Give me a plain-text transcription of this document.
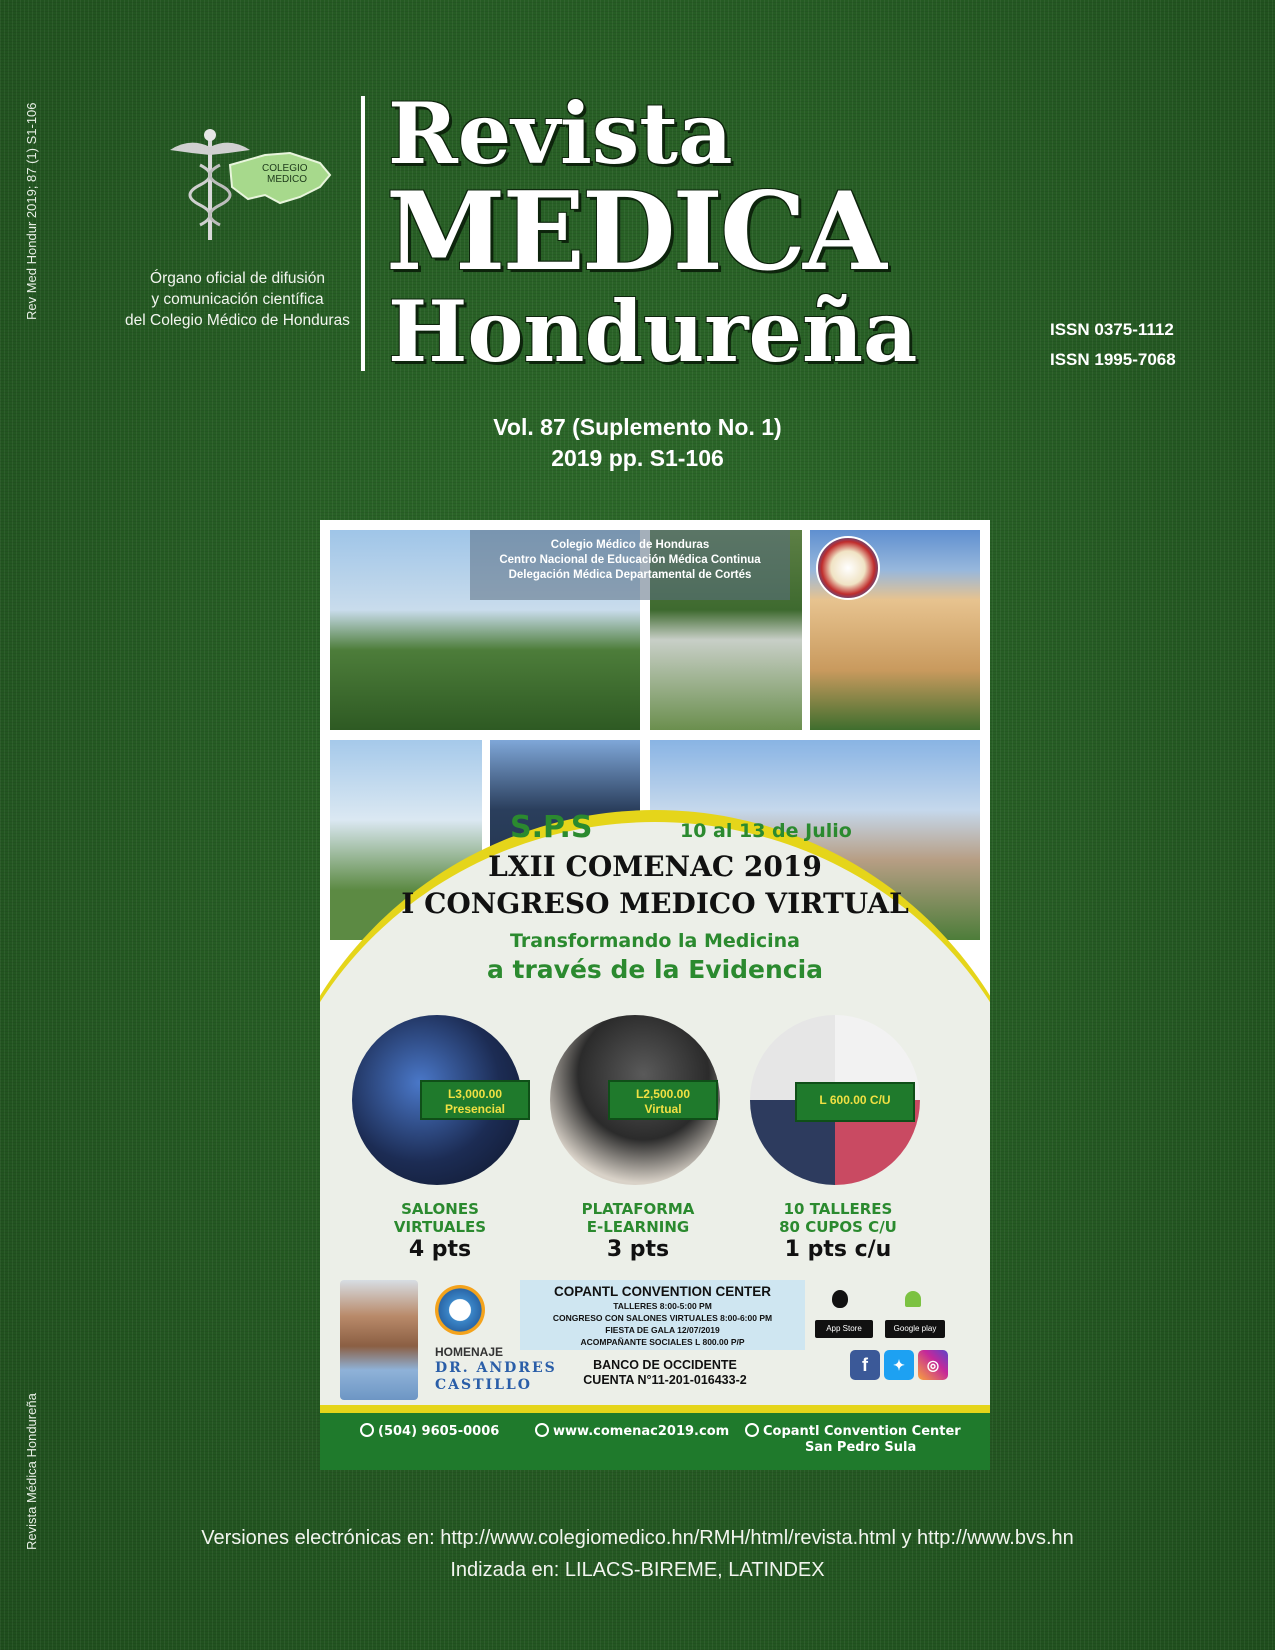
Rev Med Hondur 2019; 87 (1) S1-106
Revista Médica Hondureña
COLEGIO
MEDICO
Órgano oficial de difusión
y comunicación científica
del Colegio Médico de Honduras
Revista
MEDICA
Hondureña	ISSN 0375-1112
ISSN 1995-7068
Vol. 87 (Suplemento No. 1)
2019 pp. S1-106
Colegio Médico de Honduras
Centro Nacional de Educación Médica Continua
Delegación Médica Departamental de Cortés
S.P.S	10 al 13 de Julio
LXII COMENAC 2019
I CONGRESO MEDICO VIRTUAL
Transformando la Medicina
a través de la Evidencia
L3,000.00
Presencial
L2,500.00
Virtual
L 600.00 C/U
SALONES
VIRTUALES
4 pts
PLATAFORMA
E-LEARNING
3 pts
10 TALLERES
80 CUPOS C/U
1 pts c/u
HOMENAJE
DR. ANDRES
CASTILLO
COPANTL CONVENTION CENTER
TALLERES 8:00-5:00 PM
CONGRESO CON SALONES VIRTUALES 8:00-6:00 PM
FIESTA DE GALA 12/07/2019
ACOMPAÑANTE SOCIALES L 800.00 P/P
BANCO DE OCCIDENTE
CUENTA N°11-201-016433-2
App Store	Google play
f	✦	◎
(504) 9605-0006	www.comenac2019.com	Copantl Convention Center
San Pedro Sula
Versiones electrónicas en: http://www.colegiomedico.hn/RMH/html/revista.html y http://www.bvs.hn
Indizada en: LILACS-BIREME, LATINDEX
